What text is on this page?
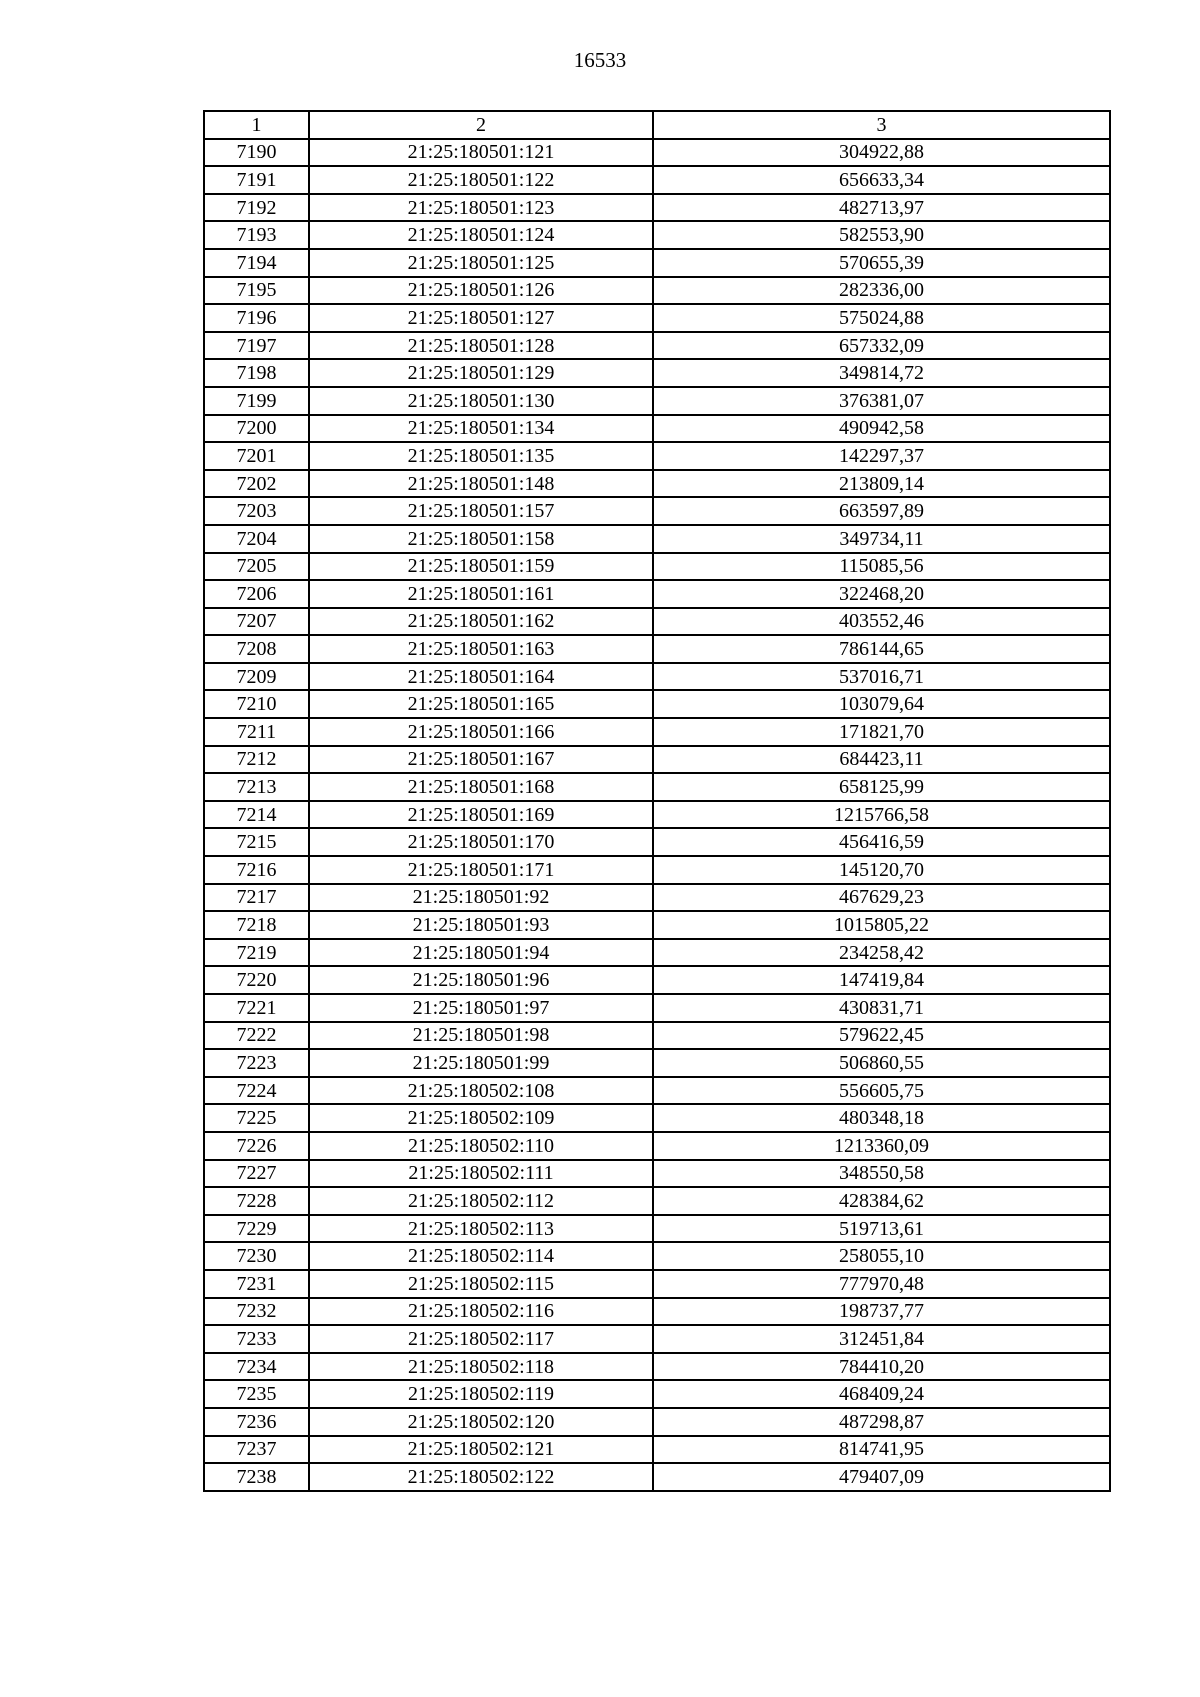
16533
1	2	3
7190	21:25:180501:121	304922,88
7191	21:25:180501:122	656633,34
7192	21:25:180501:123	482713,97
7193	21:25:180501:124	582553,90
7194	21:25:180501:125	570655,39
7195	21:25:180501:126	282336,00
7196	21:25:180501:127	575024,88
7197	21:25:180501:128	657332,09
7198	21:25:180501:129	349814,72
7199	21:25:180501:130	376381,07
7200	21:25:180501:134	490942,58
7201	21:25:180501:135	142297,37
7202	21:25:180501:148	213809,14
7203	21:25:180501:157	663597,89
7204	21:25:180501:158	349734,11
7205	21:25:180501:159	115085,56
7206	21:25:180501:161	322468,20
7207	21:25:180501:162	403552,46
7208	21:25:180501:163	786144,65
7209	21:25:180501:164	537016,71
7210	21:25:180501:165	103079,64
7211	21:25:180501:166	171821,70
7212	21:25:180501:167	684423,11
7213	21:25:180501:168	658125,99
7214	21:25:180501:169	1215766,58
7215	21:25:180501:170	456416,59
7216	21:25:180501:171	145120,70
7217	21:25:180501:92	467629,23
7218	21:25:180501:93	1015805,22
7219	21:25:180501:94	234258,42
7220	21:25:180501:96	147419,84
7221	21:25:180501:97	430831,71
7222	21:25:180501:98	579622,45
7223	21:25:180501:99	506860,55
7224	21:25:180502:108	556605,75
7225	21:25:180502:109	480348,18
7226	21:25:180502:110	1213360,09
7227	21:25:180502:111	348550,58
7228	21:25:180502:112	428384,62
7229	21:25:180502:113	519713,61
7230	21:25:180502:114	258055,10
7231	21:25:180502:115	777970,48
7232	21:25:180502:116	198737,77
7233	21:25:180502:117	312451,84
7234	21:25:180502:118	784410,20
7235	21:25:180502:119	468409,24
7236	21:25:180502:120	487298,87
7237	21:25:180502:121	814741,95
7238	21:25:180502:122	479407,09
